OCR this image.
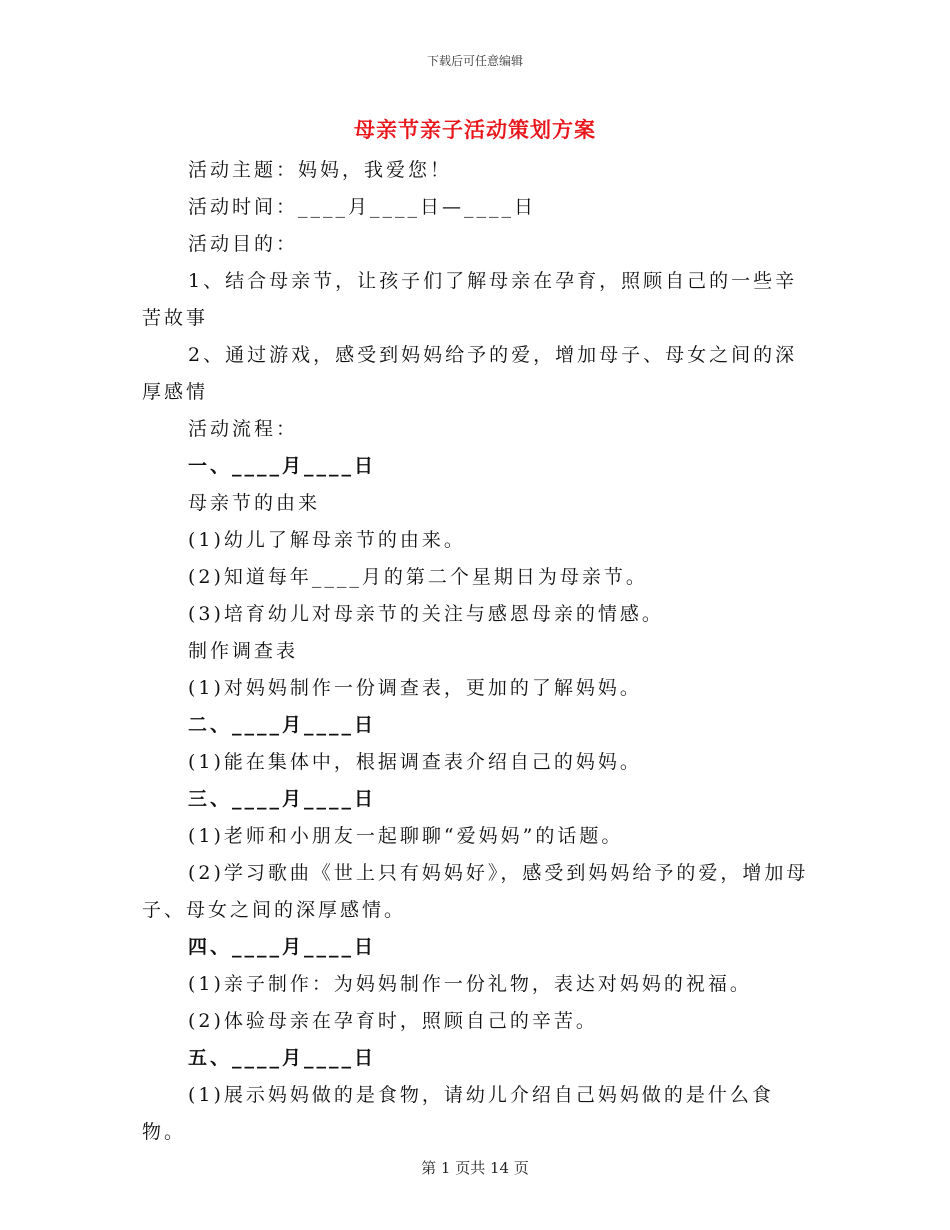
下载后可任意编辑
母亲节亲子活动策划方案

活动主题：妈妈，我爱您！

活动时间：____月____日—____日

活动目的：

1、结合母亲节，让孩子们了解母亲在孕育，照顾自己的一些辛苦故事

2、通过游戏，感受到妈妈给予的爱，增加母子、母女之间的深厚感情

活动流程：

一、____月____日

母亲节的由来

(1)幼儿了解母亲节的由来。

(2)知道每年____月的第二个星期日为母亲节。

(3)培育幼儿对母亲节的关注与感恩母亲的情感。

制作调查表

(1)对妈妈制作一份调查表，更加的了解妈妈。

二、____月____日

(1)能在集体中，根据调查表介绍自己的妈妈。

三、____月____日

(1)老师和小朋友一起聊聊“爱妈妈”的话题。

(2)学习歌曲《世上只有妈妈好》，感受到妈妈给予的爱，增加母子、母女之间的深厚感情。

四、____月____日

(1)亲子制作：为妈妈制作一份礼物，表达对妈妈的祝福。

(2)体验母亲在孕育时，照顾自己的辛苦。

五、____月____日

(1)展示妈妈做的是食物，请幼儿介绍自己妈妈做的是什么食物。

第 1 页共 14 页
